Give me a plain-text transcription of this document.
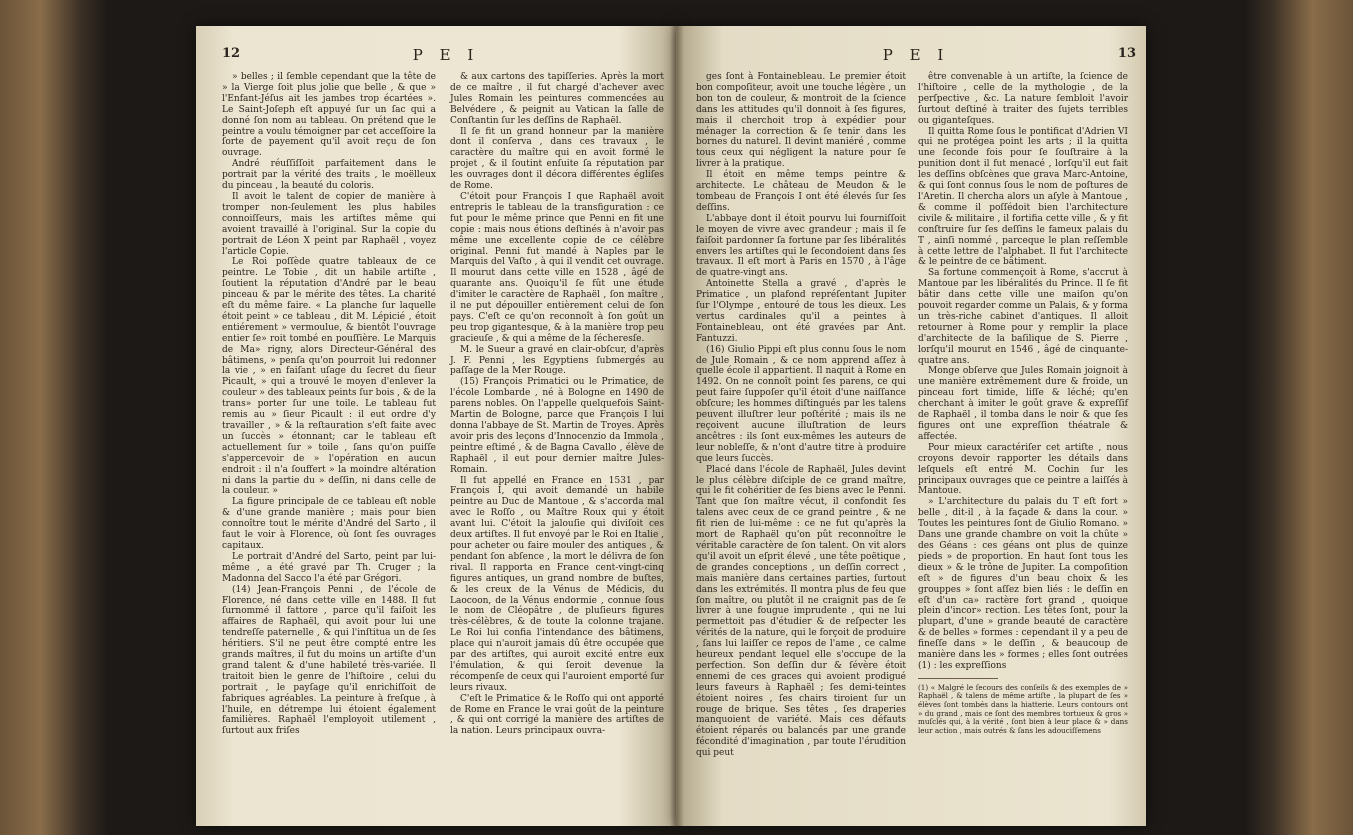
12	P E I

» belles ; il ſemble cependant que la tête de » la Vierge ſoit plus jolie que belle , & que » l'Enfant-Jéſus ait les jambes trop écartées ». Le Saint-Joſeph eſt appuyé ſur un ſac qui a donné ſon nom au tableau. On prétend que le peintre a voulu témoigner par cet acceſſoire la ſorte de payement qu'il avoit reçu de ſon ouvrage.

André réuſſiſſoit parfaitement dans le portrait par la vérité des traits , le moëlleux du pinceau , la beauté du coloris.

Il avoit le talent de copier de manière à tromper non-ſeulement les plus habiles connoiſſeurs, mais les artiſtes même qui avoient travaillé à l'original. Sur la copie du portrait de Léon X peint par Raphaël , voyez l'article Copie.

Le Roi poſſède quatre tableaux de ce peintre. Le Tobie , dit un habile artiſte , ſoutient la réputation d'André par le beau pinceau & par le mérite des têtes. La charité eſt du même faire. « La planche ſur laquelle étoit peint » ce tableau , dit M. Lépicié , étoit entiérement » vermoulue, & bientôt l'ouvrage entier ſe» roit tombé en pouſſière. Le Marquis de Ma» rigny, alors Directeur-Général des bâtimens, » penſa qu'on pourroit lui redonner la vie , » en faiſant uſage du ſecret du ſieur Picault, » qui a trouvé le moyen d'enlever la couleur » des tableaux peints ſur bois , & de la trans» porter ſur une toile. Le tableau fut remis au » ſieur Picault : il eut ordre d'y travailler , » & la reſtauration s'eſt faite avec un ſuccès » étonnant; car le tableau eſt actuellement ſur » toile , ſans qu'on puiſſe s'appercevoir de » l'opération en aucun endroit : il n'a ſouffert » la moindre altération ni dans la partie du » deſſin, ni dans celle de la couleur. »

La figure principale de ce tableau eſt noble & d'une grande manière ; mais pour bien connoître tout le mérite d'André del Sarto , il faut le voir à Florence, où ſont ſes ouvrages capitaux.

Le portrait d'André del Sarto, peint par lui-même , a été gravé par Th. Cruger ; la Madonna del Sacco l'a été par Grégori.

(14) Jean-François Penni , de l'école de Florence, né dans cette ville en 1488. Il fut ſurnommé il fattore , parce qu'il faiſoit les affaires de Raphaël, qui avoit pour lui une tendreſſe paternelle , & qui l'inſtitua un de ſes héritiers. S'il ne peut être compté entre les grands maîtres, il fut du moins un artiſte d'un grand talent & d'une habileté très-variée. Il traitoit bien le genre de l'hiſtoire , celui du portrait , le payſage qu'il enrichiſſoit de fabriques agréables. La peinture à freſque , à l'huile, en détrempe lui étoient également familières. Raphaël l'employoit utilement , ſurtout aux friſes

& aux cartons des tapiſſeries. Après la mort de ce maître , il fut chargé d'achever avec Jules Romain les peintures commencées au Belvédere , & peignit au Vatican la ſalle de Conſtantin ſur les deſſins de Raphaël.

Il ſe fit un grand honneur par la manière dont il conſerva , dans ces travaux , le caractère du maître qui en avoit formé le projet , & il ſoutint enſuite ſa réputation par les ouvrages dont il décora différentes égliſes de Rome.

C'étoit pour François I que Raphaël avoit entrepris le tableau de la transfiguration : ce fut pour le même prince que Penni en fit une copie : mais nous étions deſtinés à n'avoir pas même une excellente copie de ce célèbre original. Penni fut mandé à Naples par le Marquis del Vaſto , à qui il vendit cet ouvrage. Il mourut dans cette ville en 1528 , âgé de quarante ans. Quoiqu'il ſe fût une étude d'imiter le caractère de Raphaël , ſon maître , il ne put dépouiller entièrement celui de ſon pays. C'eſt ce qu'on reconnoît à ſon goût un peu trop gigantesque, & à la manière trop peu gracieuſe , & qui a même de la ſécheresſe.

M. le Sueur a gravé en clair-obſcur, d'après J. F. Penni , les Egyptiens ſubmergés au paſſage de la Mer Rouge.

(15) François Primatici ou le Primatice, de l'école Lombarde , né à Bologne en 1490 de parens nobles. On l'appelle quelquefois Saint-Martin de Bologne, parce que François I lui donna l'abbaye de St. Martin de Troyes. Après avoir pris des leçons d'Innocenzio da Immola , peintre eſtimé , & de Bagna Cavallo , élève de Raphaël , il eut pour dernier maître Jules-Romain.

Il fut appellé en France en 1531 , par François I, qui avoit demandé un habile peintre au Duc de Mantoue , & s'accorda mal avec le Roſſo , ou Maître Roux qui y étoit avant lui. C'étoit la jalouſie qui diviſoit ces deux artiſtes. Il fut envoyé par le Roi en Italie , pour acheter ou faire mouler des antiques , & pendant ſon abſence , la mort le délivra de ſon rival. Il rapporta en France cent-vingt-cinq figures antiques, un grand nombre de buſtes, & les creux de la Vénus de Médicis, du Laocoon, de la Vénus endormie , connue ſous le nom de Cléopâtre , de pluſieurs figures très-célèbres, & de toute la colonne trajane. Le Roi lui confia l'intendance des bâtimens, place qui n'auroit jamais dû être occupée que par des artiſtes, qui auroit excité entre eux l'émulation, & qui ſeroit devenue la récompenſe de ceux qui l'auroient emporté ſur leurs rivaux.

C'eſt le Primatice & le Roſſo qui ont apporté de Rome en France le vrai goût de la peinture , & qui ont corrigé la manière des artiſtes de la nation. Leurs principaux ouvra-

P E I	13

ges ſont à Fontainebleau. Le premier étoit bon compoſiteur, avoit une touche légère , un bon ton de couleur, & montroit de la ſcience dans les attitudes qu'il donnoit à ſes figures, mais il cherchoit trop à expédier pour ménager la correction & ſe tenir dans les bornes du naturel. Il devint maniéré , comme tous ceux qui négligent la nature pour ſe livrer à la pratique.

Il étoit en même temps peintre & architecte. Le château de Meudon & le tombeau de François I ont été élevés ſur ſes deſſins.

L'abbaye dont il étoit pourvu lui fourniſſoit le moyen de vivre avec grandeur ; mais il ſe faiſoit pardonner ſa fortune par ſes libéralités envers les artiſtes qui le ſecondoient dans ſes travaux. Il eſt mort à Paris en 1570 , à l'âge de quatre-vingt ans.

Antoinette Stella a gravé , d'après le Primatice , un plafond repréſentant Jupiter ſur l'Olympe , entouré de tous les dieux. Les vertus cardinales qu'il a peintes à Fontainebleau, ont été gravées par Ant. Fantuzzi.

(16) Giulio Pippi eſt plus connu ſous le nom de Jule Romain , & ce nom apprend aſſez à quelle école il appartient. Il naquit à Rome en 1492. On ne connoît point ſes parens, ce qui peut faire ſuppoſer qu'il étoit d'une naiſſance obſcure; les hommes diſtingués par les talens peuvent illuſtrer leur poſtérité ; mais ils ne reçoivent aucune illuſtration de leurs ancêtres : ils ſont eux-mêmes les auteurs de leur nobleſſe, & n'ont d'autre titre à produire que leurs ſuccès.

Placé dans l'école de Raphaël, Jules devint le plus célèbre diſciple de ce grand maître, qui le fit cohéritier de ſes biens avec le Penni. Tant que ſon maître vécut, il confondit ſes talens avec ceux de ce grand peintre , & ne fit rien de lui-même : ce ne fut qu'après la mort de Raphaël qu'on pût reconnoître le véritable caractère de ſon talent. On vit alors qu'il avoit un eſprit élevé , une tête poëtique , de grandes conceptions , un deſſin correct , mais manière dans certaines parties, ſurtout dans les extrémités. Il montra plus de feu que ſon maître, ou plutôt il ne craignit pas de ſe livrer à une fougue imprudente , qui ne lui permettoit pas d'étudier & de reſpecter les vérités de la nature, qui le forçoit de produire , ſans lui laiſſer ce repos de l'ame , ce calme heureux pendant lequel elle s'occupe de la perfection. Son deſſin dur & ſévère étoit ennemi de ces graces qui avoient prodigué leurs faveurs à Raphaël ; ſes demi-teintes étoient noires , ſes chairs tiroient ſur un rouge de brique. Ses têtes , ſes draperies manquoient de variété. Mais ces défauts étoient réparés ou balancés par une grande fécondité d'imagination , par toute l'érudition qui peut

être convenable à un artiſte, la ſcience de l'hiſtoire , celle de la mythologie , de la perſpective , &c. La nature ſembloit l'avoir ſurtout deſtiné à traiter des ſujets terribles ou giganteſques.

Il quitta Rome ſous le pontificat d'Adrien VI qui ne protégea point les arts ; il la quitta une ſeconde fois pour ſe ſouſtraire à la punition dont il fut menacé , lorſqu'il eut fait les deſſins obſcènes que grava Marc-Antoine, & qui ſont connus ſous le nom de poſtures de l'Aretin. Il chercha alors un aſyle à Mantoue , & comme il poſſédoit bien l'architecture civile & militaire , il fortifia cette ville , & y fit conſtruire ſur ſes deſſins le fameux palais du T , ainſi nommé , parceque le plan reſſemble à cette lettre de l'alphabet. Il fut l'architecte & le peintre de ce bâtiment.

Sa fortune commençoit à Rome, s'accrut à Mantoue par les libéralités du Prince. Il ſe fit bâtir dans cette ville une maiſon qu'on pouvoit regarder comme un Palais, & y forma un très-riche cabinet d'antiques. Il alloit retourner à Rome pour y remplir la place d'architecte de la baſilique de S. Pierre , lorſqu'il mourut en 1546 , âgé de cinquante-quatre ans.

Monge obſerve que Jules Romain joignoit à une manière extrêmement dure & froide, un pinceau fort timide, liſſe & léché; qu'en cherchant à imiter le goût grave & expreſſif de Raphaël , il tomba dans le noir & que ſes figures ont une expreſſion théatrale & affectée.

Pour mieux caractériſer cet artiſte , nous croyons devoir rapporter les détails dans leſquels eſt entré M. Cochin ſur les principaux ouvrages que ce peintre a laiſſés à Mantoue.

» L'architecture du palais du T eſt fort » belle , dit-il , à la façade & dans la cour. » Toutes les peintures ſont de Giulio Romano. » Dans une grande chambre on voit la chûte » des Géans : ces géans ont plus de quinze pieds » de proportion. En haut ſont tous les dieux » & le trône de Jupiter. La compoſition eſt » de figures d'un beau choix & les grouppes » ſont aſſez bien liés : le deſſin en eſt d'un ca» ractère fort grand , quoique plein d'incor» rection. Les têtes ſont, pour la plupart, d'une » grande beauté de caractère & de belles » formes : cependant il y a peu de fineſſe dans » le deſſin , & beaucoup de manière dans les » formes ; elles ſont outrées (1) : les expreſſions

(1) « Malgré le ſecours des conſeils & des exemples de » Raphaël , & talens de même artiſte , la plupart de ſes » élèves ſont tombés dans la hiatterie. Leurs contours ont » du grand , mais ce ſont des membres tortueux & gros » muſclés qui, à la vérité , ſont bien à leur place & » dans leur action , mais outrés & ſans les adouciſſemens
